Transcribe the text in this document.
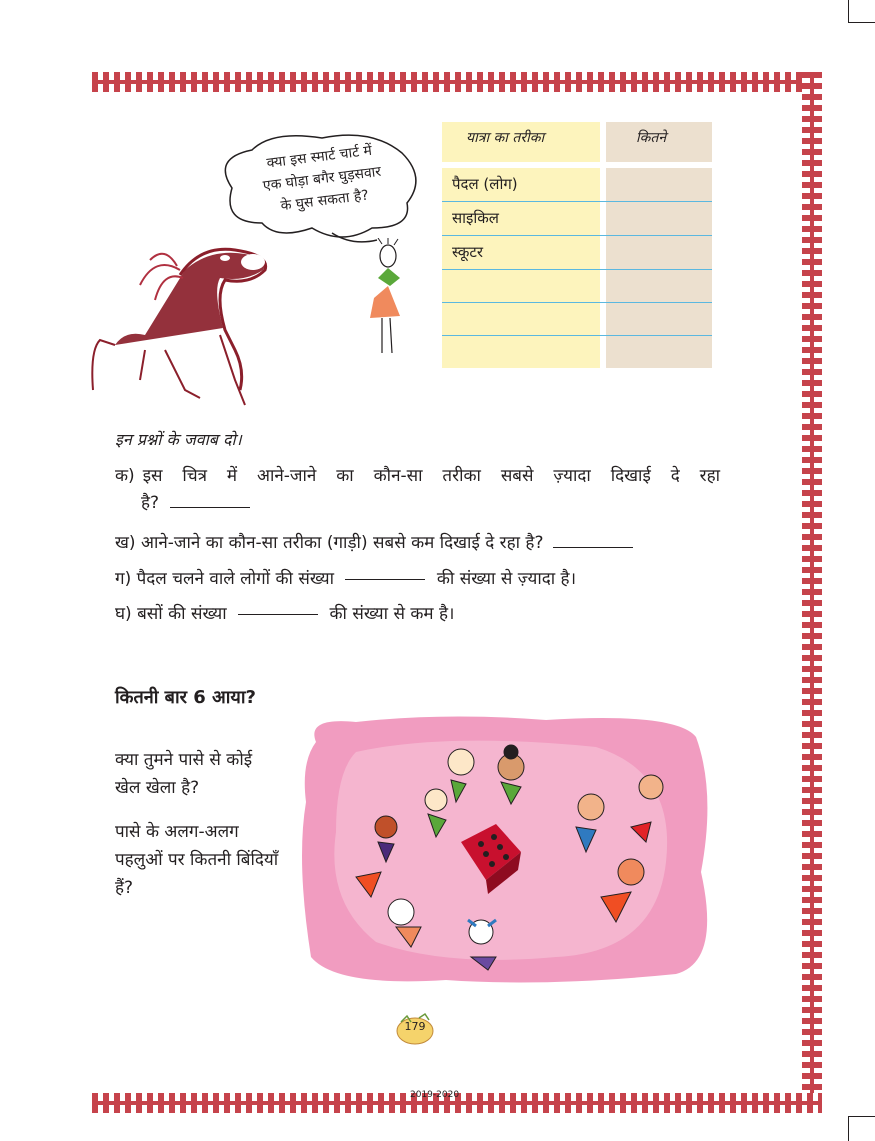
क्या इस स्मार्ट चार्ट में
एक घोड़ा बगैर घुड़सवार
के घुस सकता है?
यात्रा का तरीका	कितने
पैदल (लोग)
साइकिल
स्कूटर
इन प्रश्नों के जवाब दो।
क) इस चित्र में आने-जाने का कौन-सा तरीका सबसे ज़्यादा दिखाई दे रहा
है?
ख) आने-जाने का कौन-सा तरीका (गाड़ी) सबसे कम दिखाई दे रहा है?
ग) पैदल चलने वाले लोगों की संख्या	की संख्या से ज़्यादा है।
घ) बसों की संख्या	की संख्या से कम है।
कितनी बार 6 आया?
क्या तुमने पासे से कोई खेल खेला है?
पासे के अलग-अलग पहलुओं पर कितनी बिंदियाँ हैं?
179
2019-2020
